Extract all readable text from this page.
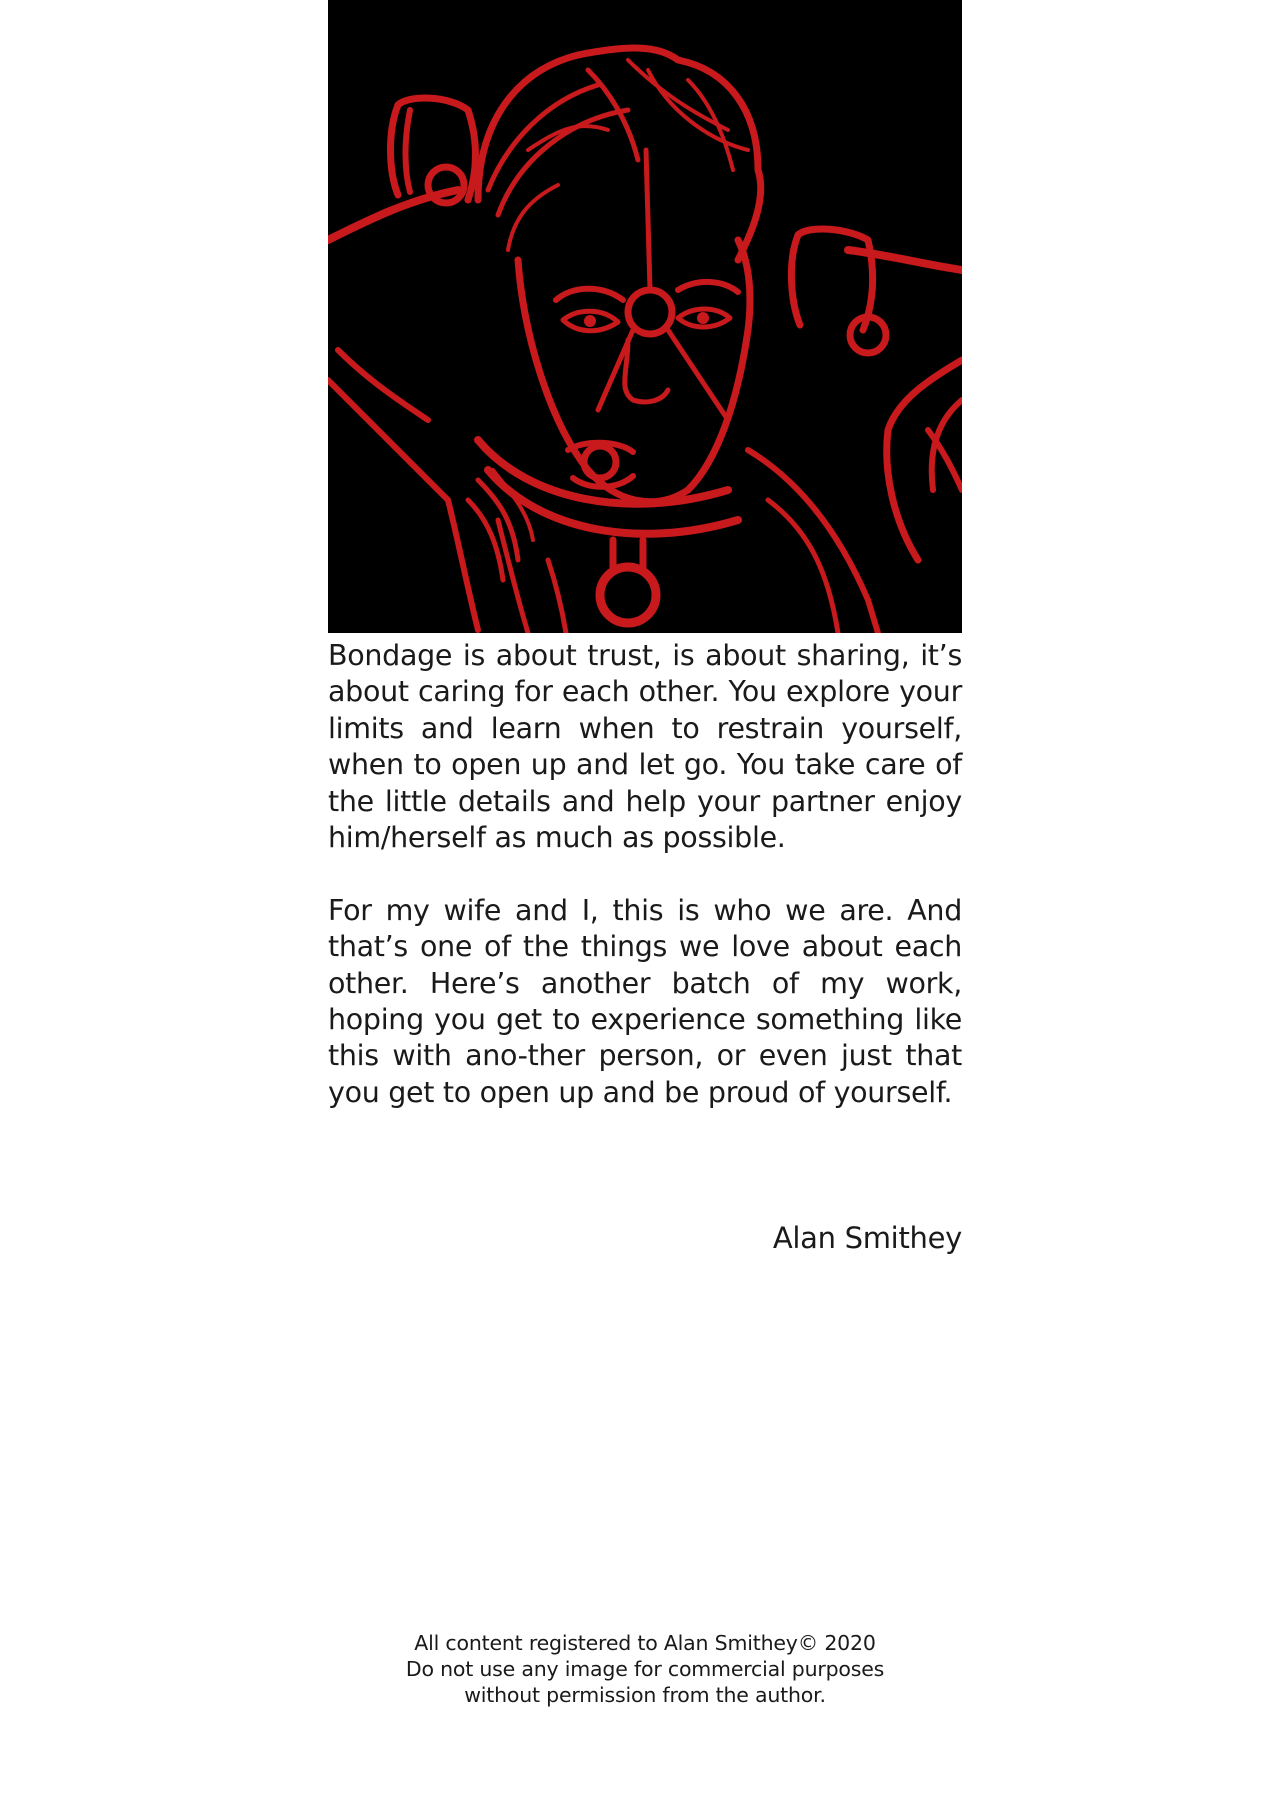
Bondage is about trust, is about sharing, it’s about caring for each other. You explore your limits and learn when to restrain yourself, when to open up and let go. You take care of the little details and help your partner enjoy him/herself as much as possible.

For my wife and I, this is who we are. And that’s one of the things we love about each other. Here’s another batch of my work, hoping you get to experience something like this with ano-ther person, or even just that you get to open up and be proud of yourself.

Alan Smithey
All content registered to Alan Smithey© 2020
Do not use any image for commercial purposes
without permission from the author.
